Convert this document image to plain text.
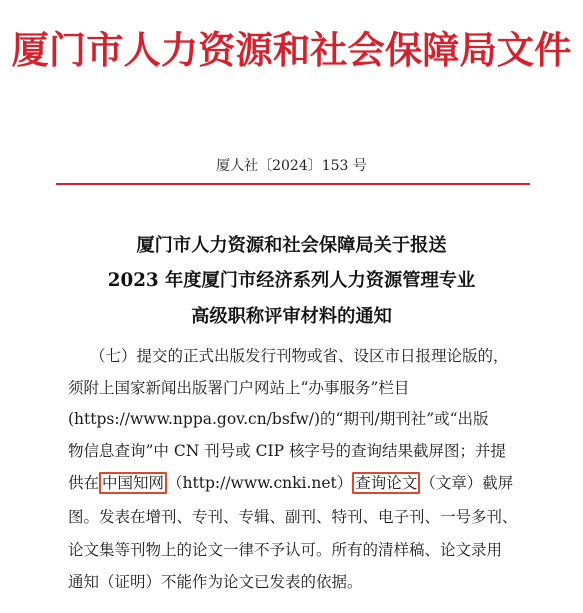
厦门市人力资源和社会保障局文件
厦人社〔2024〕153 号
厦门市人力资源和社会保障局关于报送
2023 年度厦门市经济系列人力资源管理专业
高级职称评审材料的通知
（七）提交的正式出版发行刊物或省、设区市日报理论版的，
须附上国家新闻出版署门户网站上“办事服务”栏目
(https://www.nppa.gov.cn/bsfw/)的“期刊/期刊社”或“出版
物信息查询”中 CN 刊号或 CIP 核字号的查询结果截屏图；并提
供在 中国知网 （http://www.cnki.net） 查询论文 （文章）截屏
图。发表在增刊、专刊、专辑、副刊、特刊、电子刊、一号多刊、
论文集等刊物上的论文一律不予认可。所有的清样稿、论文录用
通知（证明）不能作为论文已发表的依据。
